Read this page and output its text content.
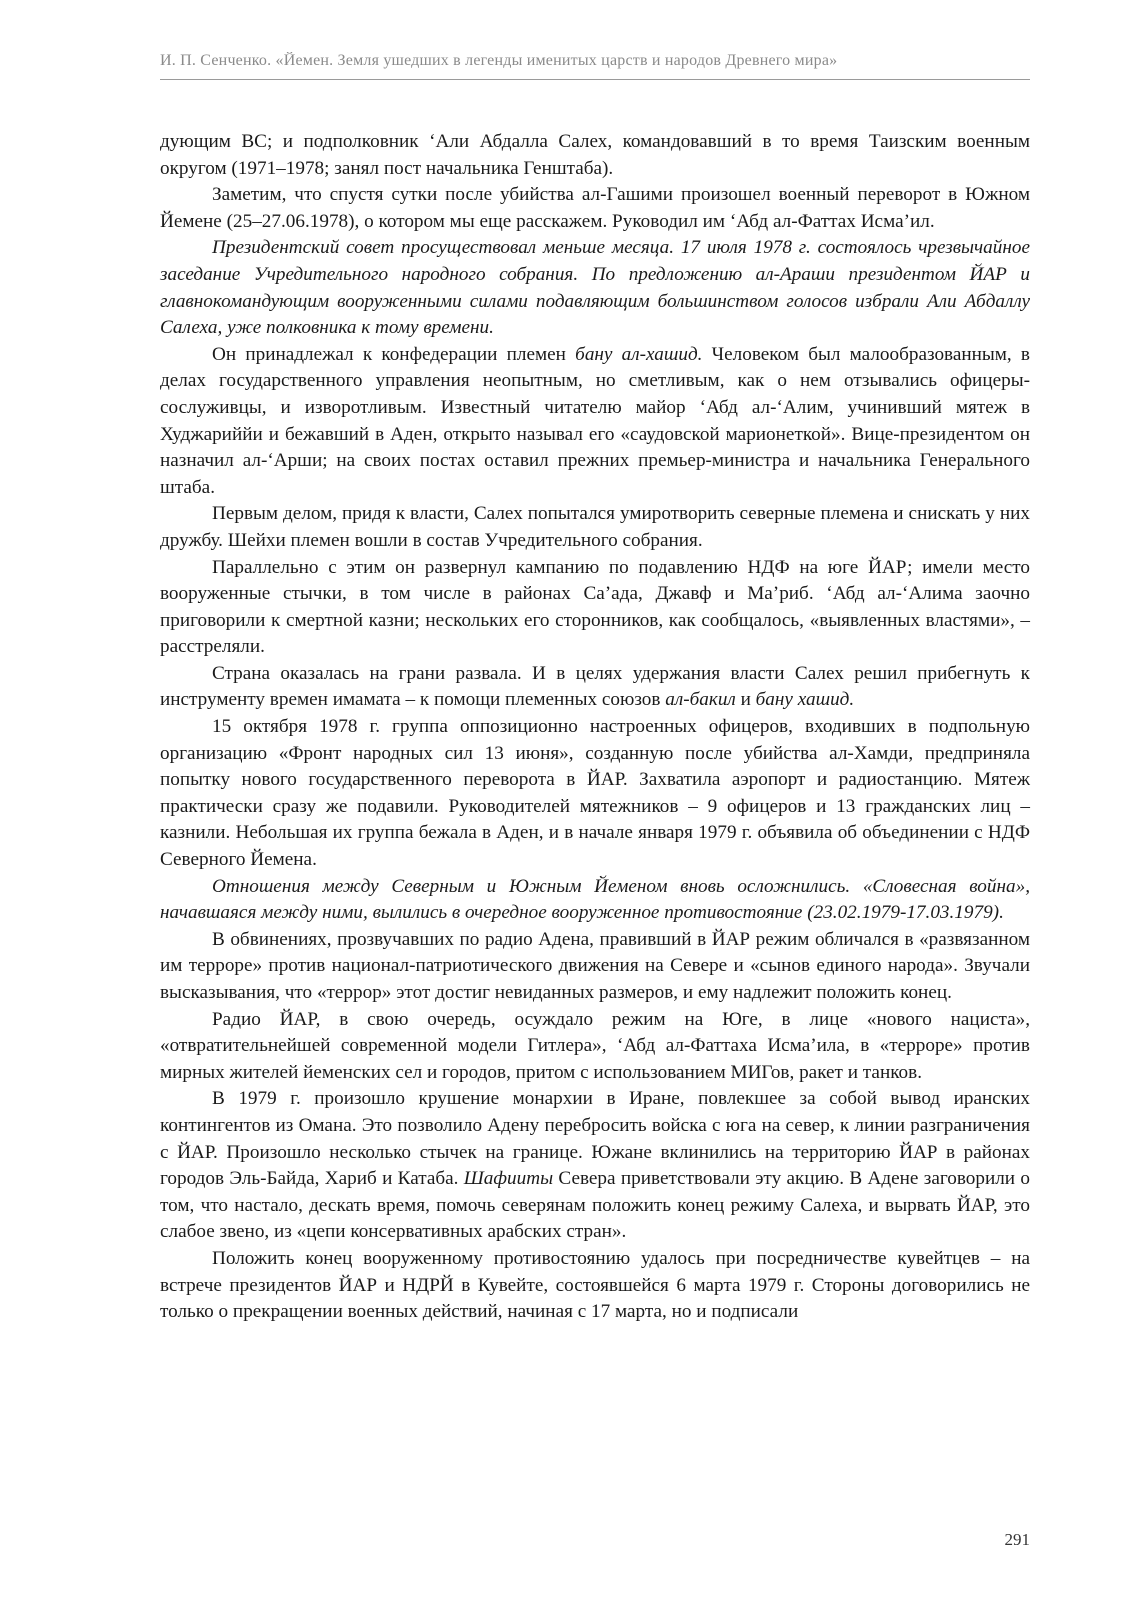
И. П. Сенченко. «Йемен. Земля ушедших в легенды именитых царств и народов Древнего мира»

дующим ВС; и подполковник ‘Али Абдалла Салех, командовавший в то время Таизским военным округом (1971–1978; занял пост начальника Генштаба).

Заметим, что спустя сутки после убийства ал-Гашими произошел военный переворот в Южном Йемене (25–27.06.1978), о котором мы еще расскажем. Руководил им ‘Абд ал-Фаттах Исма’ил.

Президентский совет просуществовал меньше месяца. 17 июля 1978 г. состоялось чрезвычайное заседание Учредительного народного собрания. По предложению ал-Араши президентом ЙАР и главнокомандующим вооруженными силами подавляющим большинством голосов избрали Али Абдаллу Салеха, уже полковника к тому времени.

Он принадлежал к конфедерации племен бану ал-хашид. Человеком был малообразованным, в делах государственного управления неопытным, но сметливым, как о нем отзывались офицеры-сослуживцы, и изворотливым. Известный читателю майор ‘Абд ал-‘Алим, учинивший мятеж в Худжариййи и бежавший в Аден, открыто называл его «саудовской марионеткой». Вице-президентом он назначил ал-‘Арши; на своих постах оставил прежних премьер-министра и начальника Генерального штаба.

Первым делом, придя к власти, Салех попытался умиротворить северные племена и снискать у них дружбу. Шейхи племен вошли в состав Учредительного собрания.

Параллельно с этим он развернул кампанию по подавлению НДФ на юге ЙАР; имели место вооруженные стычки, в том числе в районах Са’ада, Джавф и Ма’риб. ‘Абд ал-‘Алима заочно приговорили к смертной казни; нескольких его сторонников, как сообщалось, «выявленных властями», – расстреляли.

Страна оказалась на грани развала. И в целях удержания власти Салех решил прибегнуть к инструменту времен имамата – к помощи племенных союзов ал-бакил и бану хашид.

15 октября 1978 г. группа оппозиционно настроенных офицеров, входивших в подпольную организацию «Фронт народных сил 13 июня», созданную после убийства ал-Хамди, предприняла попытку нового государственного переворота в ЙАР. Захватила аэропорт и радиостанцию. Мятеж практически сразу же подавили. Руководителей мятежников – 9 офицеров и 13 гражданских лиц – казнили. Небольшая их группа бежала в Аден, и в начале января 1979 г. объявила об объединении с НДФ Северного Йемена.

Отношения между Северным и Южным Йеменом вновь осложнились. «Словесная война», начавшаяся между ними, вылились в очередное вооруженное противостояние (23.02.1979-17.03.1979).

В обвинениях, прозвучавших по радио Адена, правивший в ЙАР режим обличался в «развязанном им терроре» против национал-патриотического движения на Севере и «сынов единого народа». Звучали высказывания, что «террор» этот достиг невиданных размеров, и ему надлежит положить конец.

Радио ЙАР, в свою очередь, осуждало режим на Юге, в лице «нового нациста», «отвратительнейшей современной модели Гитлера», ‘Абд ал-Фаттаха Исма’ила, в «терроре» против мирных жителей йеменских сел и городов, притом с использованием МИГов, ракет и танков.

В 1979 г. произошло крушение монархии в Иране, повлекшее за собой вывод иранских контингентов из Омана. Это позволило Адену перебросить войска с юга на север, к линии разграничения с ЙАР. Произошло несколько стычек на границе. Южане вклинились на территорию ЙАР в районах городов Эль-Байда, Хариб и Катаба. Шафииты Севера приветствовали эту акцию. В Адене заговорили о том, что настало, дескать время, помочь северянам положить конец режиму Салеха, и вырвать ЙАР, это слабое звено, из «цепи консервативных арабских стран».

Положить конец вооруженному противостоянию удалось при посредничестве кувейтцев – на встрече президентов ЙАР и НДРЙ в Кувейте, состоявшейся 6 марта 1979 г. Стороны договорились не только о прекращении военных действий, начиная с 17 марта, но и подписали

291
